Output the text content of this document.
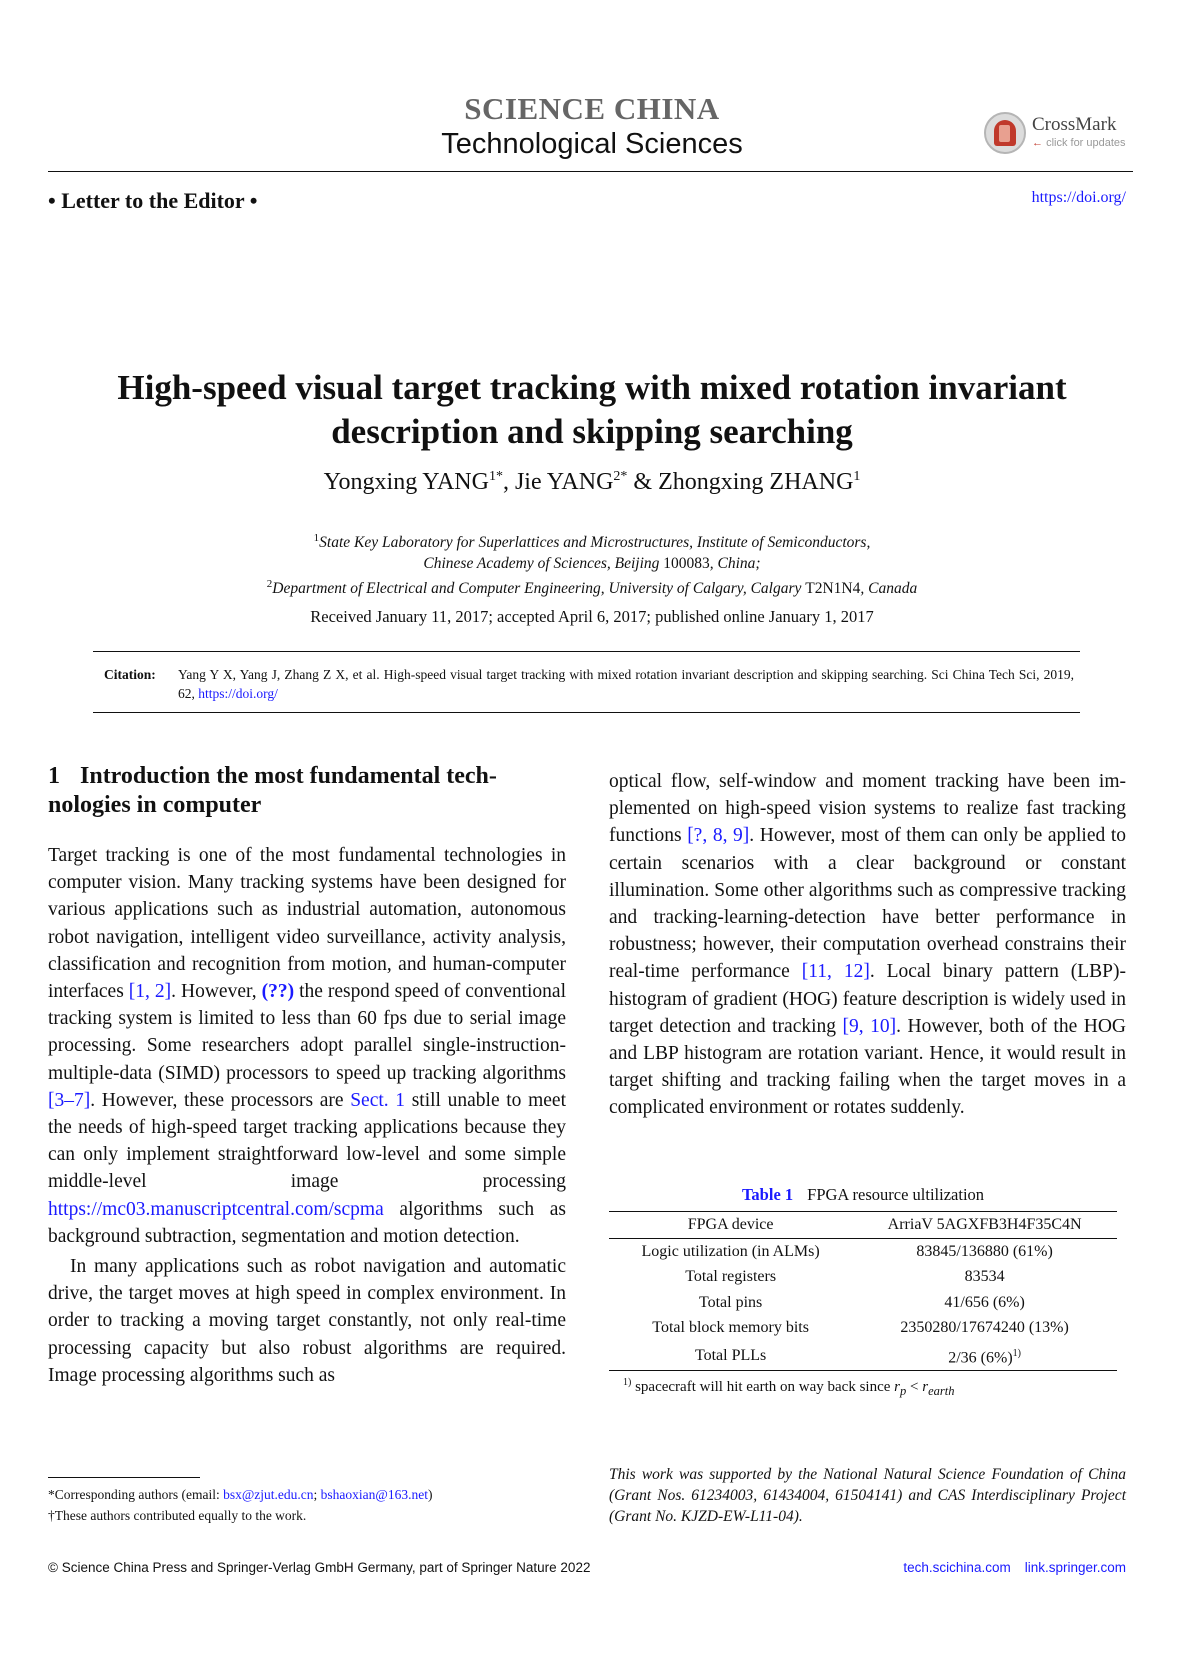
SCIENCE CHINA
Technological Sciences
CrossMark
← click for updates
• Letter to the Editor •	https://doi.org/
High-speed visual target tracking with mixed rotation invariant
description and skipping searching
Yongxing $YANG^{1*}$, Jie $YANG^{2*}$ & Zhongxing ZHANG$^1$
$^1$State Key Laboratory for Superlattices and Microstructures, Institute of Semiconductors,
Chinese Academy of Sciences, Beijing 100083, China;
$^2$Department of Electrical and Computer Engineering, University of Calgary, Calgary T2N1N4, Canada
Received January 11, 2017; accepted April 6, 2017; published online January 1, 2017
Citation: Yang Y X, Yang J, Zhang Z X, et al. High-speed visual target tracking with mixed rotation invariant description and skipping searching. Sci China Tech Sci, 2019, 62, https://doi.org/
1 Introduction the most fundamental tech-nologies in computer

Target tracking is one of the most fundamental technologies in computer vision. Many tracking systems have been designed for various applications such as industrial automation, autonomous robot navigation, intelligent video surveillance, activity analysis, classification and recognition from motion, and human-computer interfaces [1, 2]. However, (??) the respond speed of conventional tracking system is limited to less than 60 fps due to serial image processing. Some researchers adopt parallel single-instruction-multiple-data (SIMD) processors to speed up tracking algorithms [3–7]. However, these processors are Sect. 1 still unable to meet the needs of high-speed target tracking applications because they can only implement straightforward low-level and some simple middle-level image processing https://mc03.manuscriptcentral.com/scpma algorithms such as background subtraction, segmentation and motion detection.

In many applications such as robot navigation and automatic drive, the target moves at high speed in complex environment. In order to tracking a moving target constantly, not only real-time processing capacity but also robust algorithms are required. Image processing algorithms such as

optical flow, self-window and moment tracking have been implemented on high-speed vision systems to realize fast tracking functions [?, 8, 9]. However, most of them can only be applied to certain scenarios with a clear background or constant illumination. Some other algorithms such as compressive tracking and tracking-learning-detection have better performance in robustness; however, their computation overhead constrains their real-time performance [11, 12]. Local binary pattern (LBP)-histogram of gradient (HOG) feature description is widely used in target detection and tracking [9, 10]. However, both of the HOG and LBP histogram are rotation variant. Hence, it would result in target shifting and tracking failing when the target moves in a complicated environment or rotates suddenly.

Table 1 FPGA resource ultilization
FPGA device	ArriaV 5AGXFB3H4F35C4N
Logic utilization (in ALMs)	83845/136880 (61%)
Total registers	83534
Total pins	41/656 (6%)
Total block memory bits	2350280/17674240 (13%)
Total PLLs	2/36 $(6\%)^{1)}$
$^{1)}$ spacecraft will hit earth on way back since $r_p < r_{earth}$
This work was supported by the National Natural Science Foundation of China (Grant Nos. 61234003, 61434004, 61504141) and CAS Interdisciplinary Project (Grant No. KJZD-EW-L11-04).
*Corresponding authors (email: bsx@zjut.edu.cn; bshaoxian@163.net)
†These authors contributed equally to the work.
© Science China Press and Springer-Verlag GmbH Germany, part of Springer Nature 2022	tech.scichina.com link.springer.com
